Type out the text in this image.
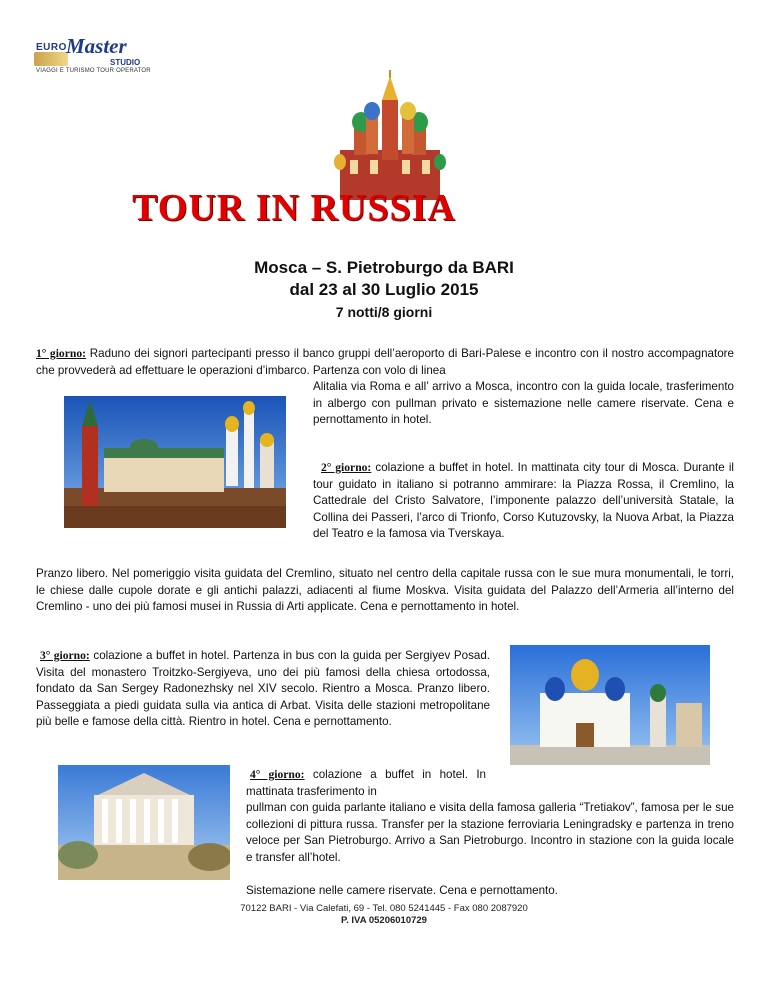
EURO Master
STUDIO
VIAGGI E TURISMO TOUR OPERATOR
TOUR IN RUSSIA
Mosca – S. Pietroburgo da BARI
dal 23 al 30 Luglio 2015
7 notti/8 giorni
1° giorno: Raduno dei signori partecipanti presso il banco gruppi dell’aeroporto di Bari-Palese e incontro con il nostro accompagnatore che provvederà ad effettuare le operazioni d’imbarco. Partenza con volo di linea
Alitalia via Roma e all’ arrivo a Mosca, incontro con la guida locale, trasferimento in albergo con pullman privato e sistemazione nelle camere riservate. Cena e pernottamento in hotel.
2° giorno: colazione a buffet in hotel. In mattinata city tour di Mosca. Durante il tour guidato in italiano si potranno ammirare: la Piazza Rossa, il Cremlino, la Cattedrale del Cristo Salvatore, l’imponente palazzo dell’università Statale, la Collina dei Passeri, l’arco di Trionfo, Corso Kutuzovsky, la Nuova Arbat, la Piazza del Teatro e la famosa via Tverskaya.
Pranzo libero. Nel pomeriggio visita guidata del Cremlino, situato nel centro della capitale russa con le sue mura monumentali, le torri, le chiese dalle cupole dorate e gli antichi palazzi, adiacenti al fiume Moskva. Visita guidata del Palazzo dell’Armeria all’interno del Cremlino - uno dei più famosi musei in Russia di Arti applicate. Cena e pernottamento in hotel.
3° giorno: colazione a buffet in hotel. Partenza in bus con la guida per Sergiyev Posad. Visita del monastero Troitzko-Sergiyeva, uno dei più famosi della chiesa ortodossa, fondato da San Sergey Radonezhsky nel XIV secolo. Rientro a Mosca. Pranzo libero. Passeggiata a piedi guidata sulla via antica di Arbat. Visita delle stazioni metropolitane più belle e famose della città. Rientro in hotel. Cena e pernottamento.
4° giorno: colazione a buffet in hotel. In mattinata trasferimento in
pullman con guida parlante italiano e visita della famosa galleria “Tretiakov”, famosa per le sue collezioni di pittura russa. Transfer per la stazione ferroviaria Leningradsky e partenza in treno veloce per San Pietroburgo. Arrivo a San Pietroburgo. Incontro in stazione con la guida locale e transfer all’hotel.
Sistemazione nelle camere riservate. Cena e pernottamento.
70122 BARI - Via Calefati, 69 - Tel. 080 5241445 - Fax 080 2087920
P. IVA 05206010729
